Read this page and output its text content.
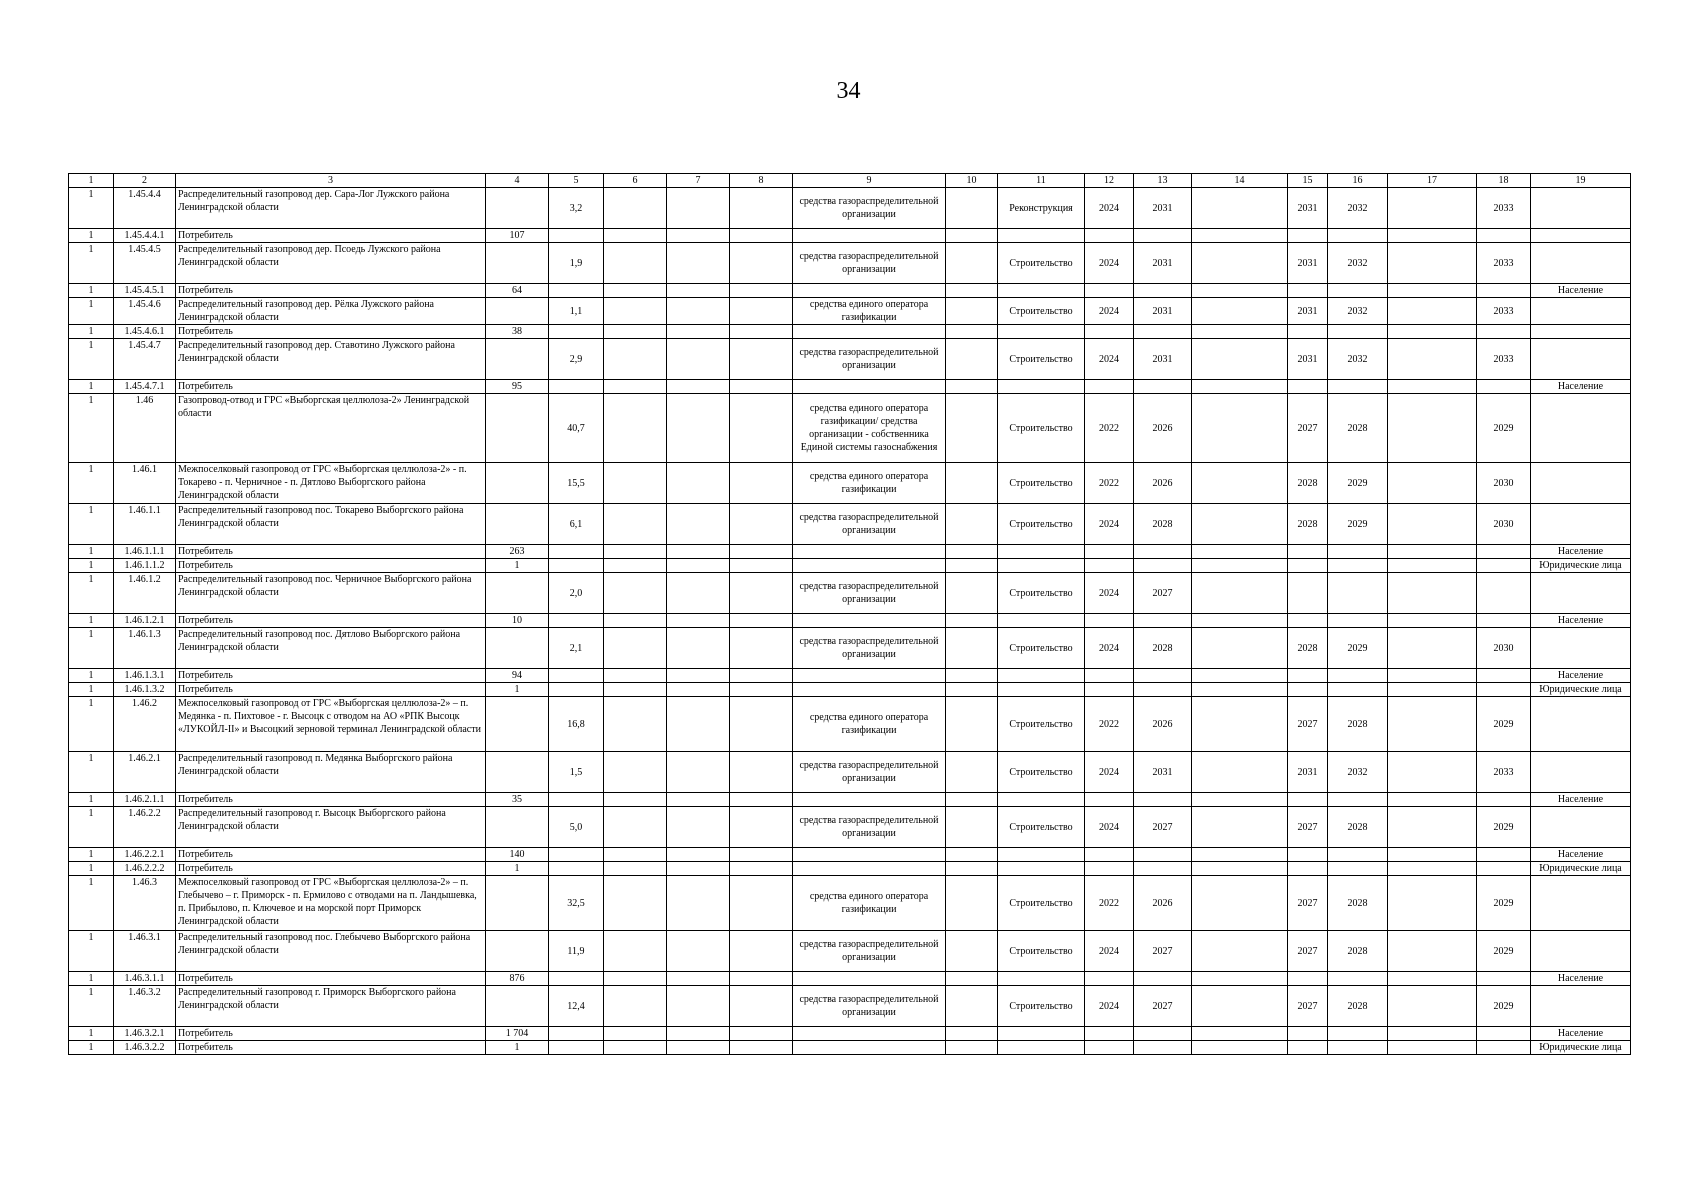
34
1	2	3	4	5	6	7	8	9	10	11	12	13	14	15	16	17	18	19
1	1.45.4.4	Распределительный газопровод дер. Сара-Лог Лужского района Ленинградской области		3,2				средства газораспределительной организации		Реконструкция	2024	2031		2031	2032		2033	
1	1.45.4.4.1	Потребитель	107															
1	1.45.4.5	Распределительный газопровод дер. Псоедь Лужского района Ленинградской области		1,9				средства газораспределительной организации		Строительство	2024	2031		2031	2032		2033	
1	1.45.4.5.1	Потребитель	64															Население
1	1.45.4.6	Распределительный газопровод дер. Рёлка Лужского района Ленинградской области		1,1				средства единого оператора газификации		Строительство	2024	2031		2031	2032		2033	
1	1.45.4.6.1	Потребитель	38															
1	1.45.4.7	Распределительный газопровод дер. Ставотино Лужского района Ленинградской области		2,9				средства газораспределительной организации		Строительство	2024	2031		2031	2032		2033	
1	1.45.4.7.1	Потребитель	95															Население
1	1.46	Газопровод-отвод и ГРС «Выборгская целлюлоза-2» Ленинградской области		40,7				средства единого оператора газификации/ средства организации - собственника Единой системы газоснабжения		Строительство	2022	2026		2027	2028		2029	
1	1.46.1	Межпоселковый газопровод от ГРС «Выборгская целлюлоза-2» - п. Токарево - п. Черничное - п. Дятлово Выборгского района Ленинградской области		15,5				средства единого оператора газификации		Строительство	2022	2026		2028	2029		2030	
1	1.46.1.1	Распределительный газопровод пос. Токарево Выборгского района Ленинградской области		6,1				средства газораспределительной организации		Строительство	2024	2028		2028	2029		2030	
1	1.46.1.1.1	Потребитель	263															Население
1	1.46.1.1.2	Потребитель	1															Юридические лица
1	1.46.1.2	Распределительный газопровод пос. Черничное Выборгского района Ленинградской области		2,0				средства газораспределительной организации		Строительство	2024	2027						
1	1.46.1.2.1	Потребитель	10															Население
1	1.46.1.3	Распределительный газопровод пос. Дятлово Выборгского района Ленинградской области		2,1				средства газораспределительной организации		Строительство	2024	2028		2028	2029		2030	
1	1.46.1.3.1	Потребитель	94															Население
1	1.46.1.3.2	Потребитель	1															Юридические лица
1	1.46.2	Межпоселковый газопровод от ГРС «Выборгская целлюлоза-2» – п. Медянка - п. Пихтовое - г. Высоцк с отводом на АО «РПК Высоцк «ЛУКОЙЛ-II» и Высоцкий зерновой терминал Ленинградской области		16,8				средства единого оператора газификации		Строительство	2022	2026		2027	2028		2029	
1	1.46.2.1	Распределительный газопровод п. Медянка Выборгского района Ленинградской области		1,5				средства газораспределительной организации		Строительство	2024	2031		2031	2032		2033	
1	1.46.2.1.1	Потребитель	35															Население
1	1.46.2.2	Распределительный газопровод г. Высоцк Выборгского района Ленинградской области		5,0				средства газораспределительной организации		Строительство	2024	2027		2027	2028		2029	
1	1.46.2.2.1	Потребитель	140															Население
1	1.46.2.2.2	Потребитель	1															Юридические лица
1	1.46.3	Межпоселковый газопровод от ГРС «Выборгская целлюлоза-2» – п. Глебычево – г. Приморск - п. Ермилово с отводами на п. Ландышевка, п. Прибылово, п. Ключевое и на морской порт Приморск Ленинградской области		32,5				средства единого оператора газификации		Строительство	2022	2026		2027	2028		2029	
1	1.46.3.1	Распределительный газопровод пос. Глебычево Выборгского района Ленинградской области		11,9				средства газораспределительной организации		Строительство	2024	2027		2027	2028		2029	
1	1.46.3.1.1	Потребитель	876															Население
1	1.46.3.2	Распределительный газопровод г. Приморск Выборгского района Ленинградской области		12,4				средства газораспределительной организации		Строительство	2024	2027		2027	2028		2029	
1	1.46.3.2.1	Потребитель	1 704															Население
1	1.46.3.2.2	Потребитель	1															Юридические лица
